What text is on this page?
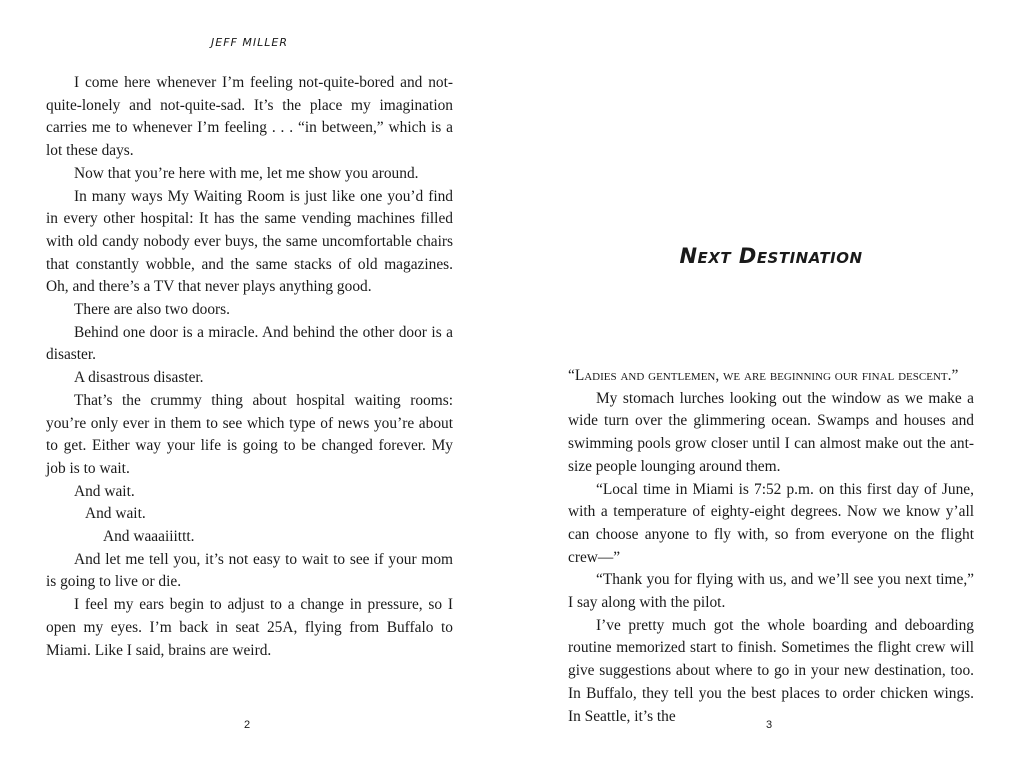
JEFF MILLER

I come here whenever I’m feeling not-quite-bored and not-quite-lonely and not-quite-sad. It’s the place my imagination carries me to whenever I’m feeling . . . “in between,” which is a lot these days.

Now that you’re here with me, let me show you around.

In many ways My Waiting Room is just like one you’d find in every other hospital: It has the same vending machines filled with old candy nobody ever buys, the same uncomfortable chairs that constantly wobble, and the same stacks of old magazines. Oh, and there’s a TV that never plays anything good.

There are also two doors.

Behind one door is a miracle. And behind the other door is a disaster.

A disastrous disaster.

That’s the crummy thing about hospital waiting rooms: you’re only ever in them to see which type of news you’re about to get. Either way your life is going to be changed forever. My job is to wait.

And wait.

And wait.

And waaaiiittt.

And let me tell you, it’s not easy to wait to see if your mom is going to live or die.

I feel my ears begin to adjust to a change in pressure, so I open my eyes. I’m back in seat 25A, flying from Buffalo to Miami. Like I said, brains are weird.

2
Next Destination

“Ladies and gentlemen, we are beginning our final descent.”

My stomach lurches looking out the window as we make a wide turn over the glimmering ocean. Swamps and houses and swimming pools grow closer until I can almost make out the ant-size people lounging around them.

“Local time in Miami is 7:52 p.m. on this first day of June, with a temperature of eighty-eight degrees. Now we know y’all can choose anyone to fly with, so from everyone on the flight crew—”

“Thank you for flying with us, and we’ll see you next time,” I say along with the pilot.

I’ve pretty much got the whole boarding and deboarding routine memorized start to finish. Sometimes the flight crew will give suggestions about where to go in your new destination, too. In Buffalo, they tell you the best places to order chicken wings. In Seattle, it’s the

3
